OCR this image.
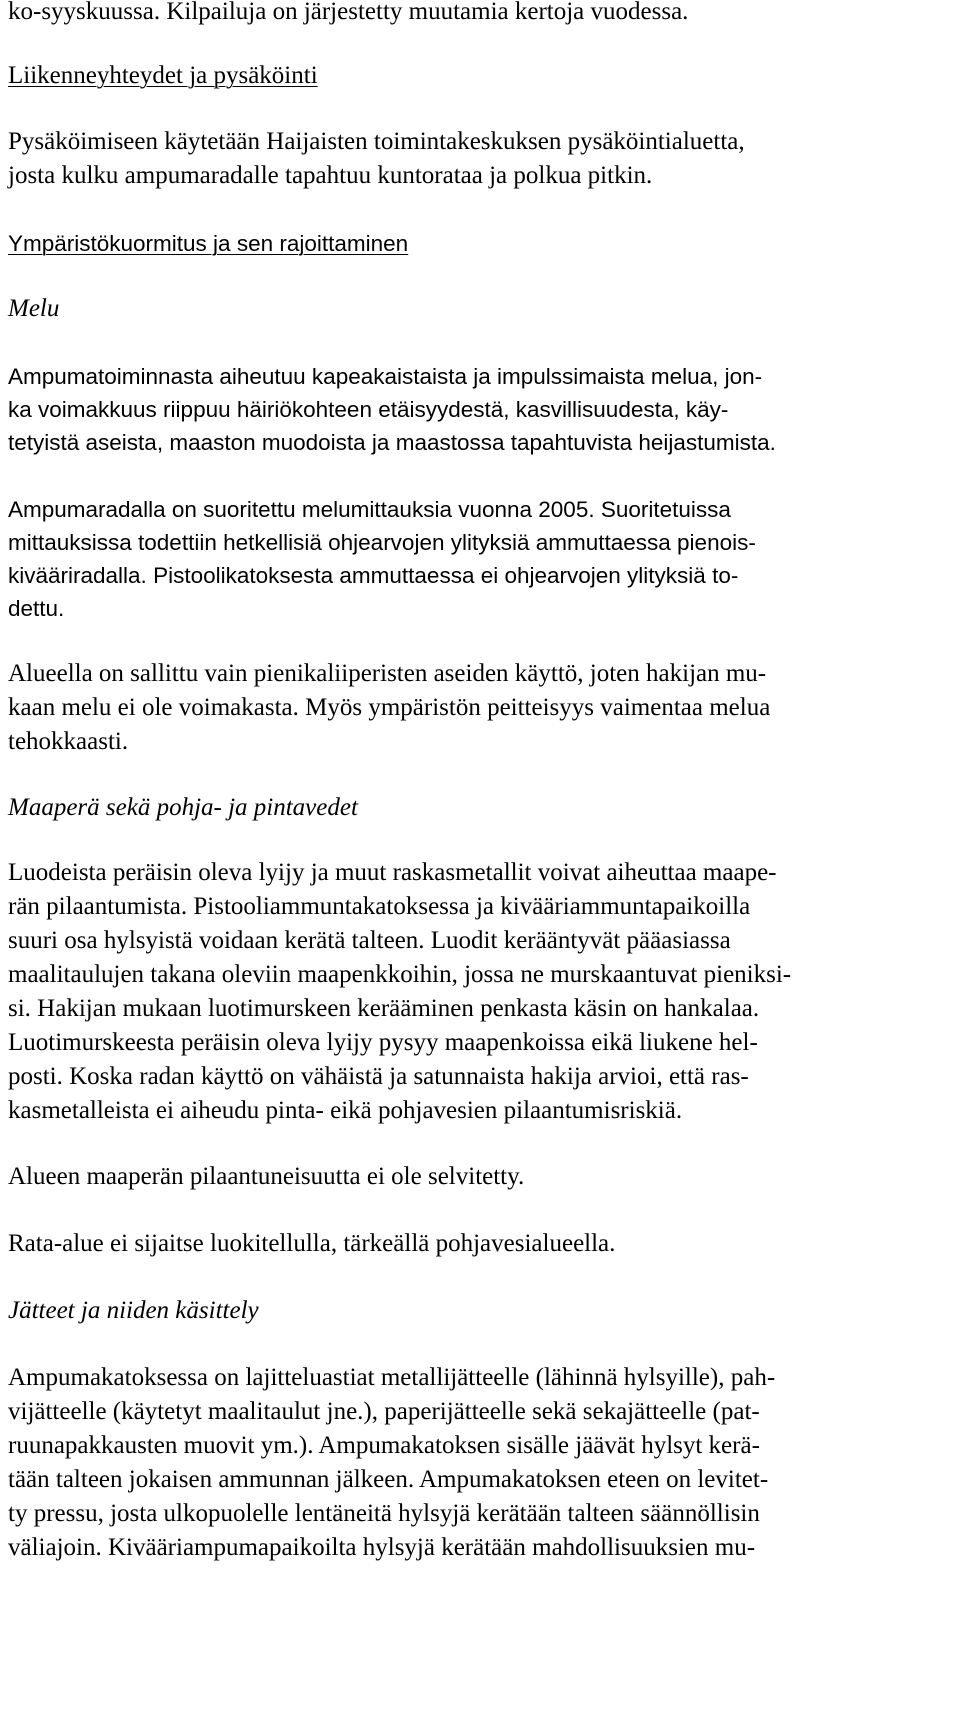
ko-syyskuussa. Kilpailuja on järjestetty muutamia kertoja vuodessa.
Liikenneyhteydet ja pysäköinti
Pysäköimiseen käytetään Haijaisten toimintakeskuksen pysäköintialuetta,
josta kulku ampumaradalle tapahtuu kuntorataa ja polkua pitkin.
Ympäristökuormitus ja sen rajoittaminen
Melu
Ampumatoiminnasta aiheutuu kapeakaistaista ja impulssimaista melua, jon-
ka voimakkuus riippuu häiriökohteen etäisyydestä, kasvillisuudesta, käy-
tetyistä aseista, maaston muodoista ja maastossa tapahtuvista heijastumista.
Ampumaradalla on suoritettu melumittauksia vuonna 2005. Suoritetuissa
mittauksissa todettiin hetkellisiä ohjearvojen ylityksiä ammuttaessa pienois-
kivääriradalla. Pistoolikatoksesta ammuttaessa ei ohjearvojen ylityksiä to-
dettu.
Alueella on sallittu vain pienikaliiperisten aseiden käyttö, joten hakijan mu-
kaan melu ei ole voimakasta. Myös ympäristön peitteisyys vaimentaa melua
tehokkaasti.
Maaperä sekä pohja- ja pintavedet
Luodeista peräisin oleva lyijy ja muut raskasmetallit voivat aiheuttaa maape-
rän pilaantumista. Pistooliammuntakatoksessa ja kivääriammuntapaikoilla
suuri osa hylsyistä voidaan kerätä talteen. Luodit kerääntyvät pääasiassa
maalitaulujen takana oleviin maapenkkoihin, jossa ne murskaantuvat pieniksi-
si. Hakijan mukaan luotimurskeen kerääminen penkasta käsin on hankalaa.
Luotimurskeesta peräisin oleva lyijy pysyy maapenkoissa eikä liukene hel-
posti. Koska radan käyttö on vähäistä ja satunnaista hakija arvioi, että ras-
kasmetalleista ei aiheudu pinta- eikä pohjavesien pilaantumisriskiä.
Alueen maaperän pilaantuneisuutta ei ole selvitetty.
Rata-alue ei sijaitse luokitellulla, tärkeällä pohjavesialueella.
Jätteet ja niiden käsittely
Ampumakatoksessa on lajitteluastiat metallijätteelle (lähinnä hylsyille), pah-
vijätteelle (käytetyt maalitaulut jne.), paperijätteelle sekä sekajätteelle (pat-
ruunapakkausten muovit ym.). Ampumakatoksen sisälle jäävät hylsyt kerä-
tään talteen jokaisen ammunnan jälkeen. Ampumakatoksen eteen on levitet-
ty pressu, josta ulkopuolelle lentäneitä hylsyjä kerätään talteen säännöllisin
väliajoin. Kivääriampumapaikoilta hylsyjä kerätään mahdollisuuksien mu-
